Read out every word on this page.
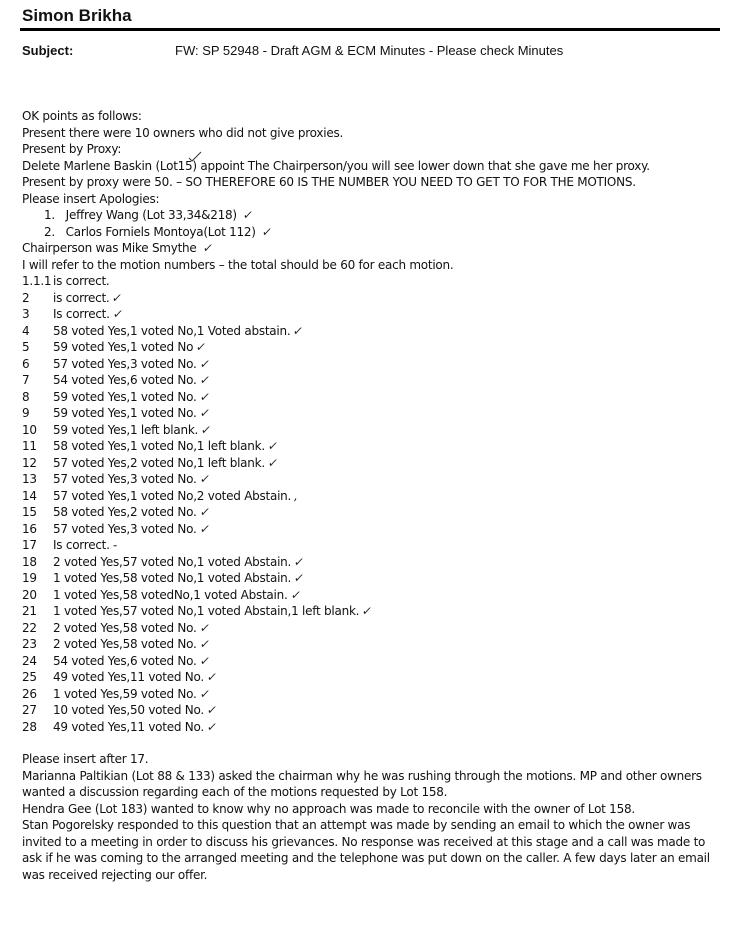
Simon Brikha
Subject:	FW: SP 52948 - Draft AGM & ECM Minutes - Please check Minutes
OK points as follows:
Present there were 10 owners who did not give proxies.
Present by Proxy:
Delete Marlene Baskin (Lot15) appoint The Chairperson/you will see lower down that she gave me her proxy.
Present by proxy were 50. – SO THEREFORE 60 IS THE NUMBER YOU NEED TO GET TO FOR THE MOTIONS.
Please insert Apologies:
1. Jeffrey Wang (Lot 33,34&218) ✓
2. Carlos Forniels Montoya(Lot 112) ✓
Chairperson was Mike Smythe ✓
I will refer to the motion numbers – the total should be 60 for each motion.
1.1.1 is correct.
2	is correct. ✓
3	Is correct. ✓
4	58 voted Yes,1 voted No,1 Voted abstain. ✓
5	59 voted Yes,1 voted No ✓
6	57 voted Yes,3 voted No. ✓
7	54 voted Yes,6 voted No. ✓
8	59 voted Yes,1 voted No. ✓
9	59 voted Yes,1 voted No. ✓
10	59 voted Yes,1 left blank. ✓
11	58 voted Yes,1 voted No,1 left blank. ✓
12	57 voted Yes,2 voted No,1 left blank. ✓
13	57 voted Yes,3 voted No. ✓
14	57 voted Yes,1 voted No,2 voted Abstain. ,
15	58 voted Yes,2 voted No. ✓
16	57 voted Yes,3 voted No. ✓
17	Is correct. -
18	2 voted Yes,57 voted No,1 voted Abstain. ✓
19	1 voted Yes,58 voted No,1 voted Abstain. ✓
20	1 voted Yes,58 votedNo,1 voted Abstain. ✓
21	1 voted Yes,57 voted No,1 voted Abstain,1 left blank. ✓
22	2 voted Yes,58 voted No. ✓
23	2 voted Yes,58 voted No. ✓
24	54 voted Yes,6 voted No. ✓
25	49 voted Yes,11 voted No. ✓
26	1 voted Yes,59 voted No. ✓
27	10 voted Yes,50 voted No. ✓
28	49 voted Yes,11 voted No. ✓
Please insert after 17.
Marianna Paltikian (Lot 88 & 133) asked the chairman why he was rushing through the motions. MP and other owners wanted a discussion regarding each of the motions requested by Lot 158.
Hendra Gee (Lot 183) wanted to know why no approach was made to reconcile with the owner of Lot 158.
Stan Pogorelsky responded to this question that an attempt was made by sending an email to which the owner was invited to a meeting in order to discuss his grievances. No response was received at this stage and a call was made to ask if he was coming to the arranged meeting and the telephone was put down on the caller. A few days later an email was received rejecting our offer.
